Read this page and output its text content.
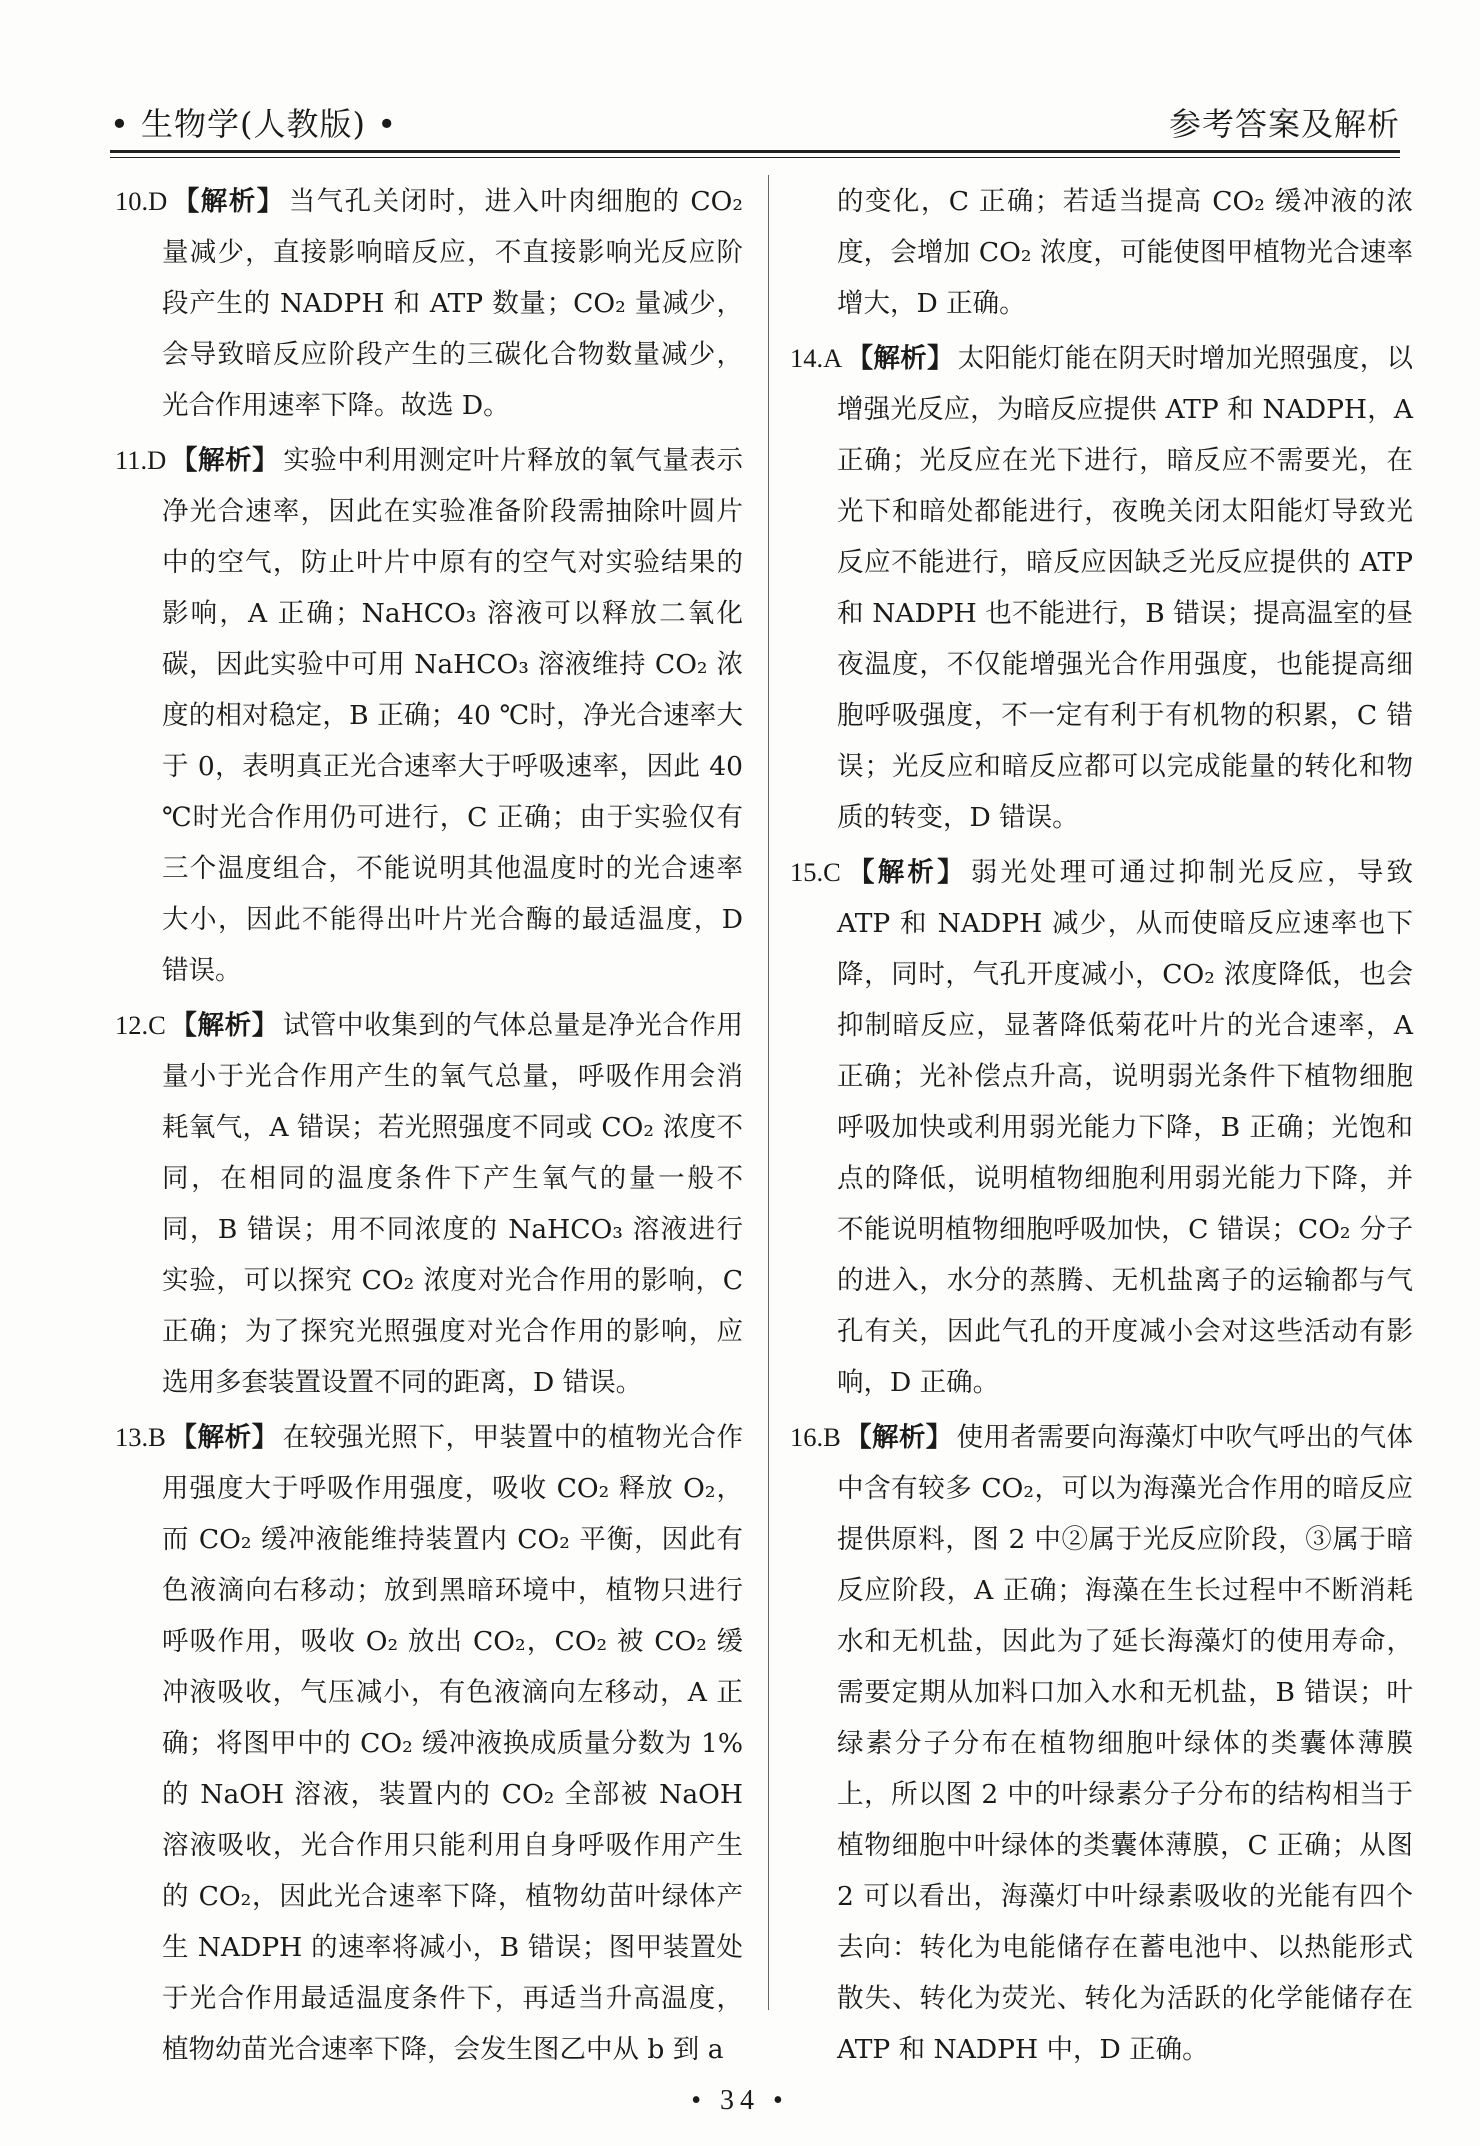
• 生物学(人教版) •	参考答案及解析

10.D 【解析】 当气孔关闭时，进入叶肉细胞的 CO₂ 量减少，直接影响暗反应，不直接影响光反应阶段产生的 NADPH 和 ATP 数量；CO₂ 量减少，会导致暗反应阶段产生的三碳化合物数量减少，光合作用速率下降。故选 D。

11.D 【解析】 实验中利用测定叶片释放的氧气量表示净光合速率，因此在实验准备阶段需抽除叶圆片中的空气，防止叶片中原有的空气对实验结果的影响，A 正确；NaHCO₃ 溶液可以释放二氧化碳，因此实验中可用 NaHCO₃ 溶液维持 CO₂ 浓度的相对稳定，B 正确；40 ℃时，净光合速率大于 0，表明真正光合速率大于呼吸速率，因此 40 ℃时光合作用仍可进行，C 正确；由于实验仅有三个温度组合，不能说明其他温度时的光合速率大小，因此不能得出叶片光合酶的最适温度，D 错误。

12.C 【解析】 试管中收集到的气体总量是净光合作用量小于光合作用产生的氧气总量，呼吸作用会消耗氧气，A 错误；若光照强度不同或 CO₂ 浓度不同，在相同的温度条件下产生氧气的量一般不同，B 错误；用不同浓度的 NaHCO₃ 溶液进行实验，可以探究 CO₂ 浓度对光合作用的影响，C 正确；为了探究光照强度对光合作用的影响，应选用多套装置设置不同的距离，D 错误。

13.B 【解析】 在较强光照下，甲装置中的植物光合作用强度大于呼吸作用强度，吸收 CO₂ 释放 O₂，而 CO₂ 缓冲液能维持装置内 CO₂ 平衡，因此有色液滴向右移动；放到黑暗环境中，植物只进行呼吸作用，吸收 O₂ 放出 CO₂，CO₂ 被 CO₂ 缓冲液吸收，气压减小，有色液滴向左移动，A 正确；将图甲中的 CO₂ 缓冲液换成质量分数为 1% 的 NaOH 溶液，装置内的 CO₂ 全部被 NaOH 溶液吸收，光合作用只能利用自身呼吸作用产生的 CO₂，因此光合速率下降，植物幼苗叶绿体产生 NADPH 的速率将减小，B 错误；图甲装置处于光合作用最适温度条件下，再适当升高温度，植物幼苗光合速率下降，会发生图乙中从 b 到 a

的变化，C 正确；若适当提高 CO₂ 缓冲液的浓度，会增加 CO₂ 浓度，可能使图甲植物光合速率增大，D 正确。

14.A 【解析】 太阳能灯能在阴天时增加光照强度，以增强光反应，为暗反应提供 ATP 和 NADPH，A 正确；光反应在光下进行，暗反应不需要光，在光下和暗处都能进行，夜晚关闭太阳能灯导致光反应不能进行，暗反应因缺乏光反应提供的 ATP 和 NADPH 也不能进行，B 错误；提高温室的昼夜温度，不仅能增强光合作用强度，也能提高细胞呼吸强度，不一定有利于有机物的积累，C 错误；光反应和暗反应都可以完成能量的转化和物质的转变，D 错误。

15.C 【解析】 弱光处理可通过抑制光反应，导致 ATP 和 NADPH 减少，从而使暗反应速率也下降，同时，气孔开度减小，CO₂ 浓度降低，也会抑制暗反应，显著降低菊花叶片的光合速率，A 正确；光补偿点升高，说明弱光条件下植物细胞呼吸加快或利用弱光能力下降，B 正确；光饱和点的降低，说明植物细胞利用弱光能力下降，并不能说明植物细胞呼吸加快，C 错误；CO₂ 分子的进入，水分的蒸腾、无机盐离子的运输都与气孔有关，因此气孔的开度减小会对这些活动有影响，D 正确。

16.B 【解析】 使用者需要向海藻灯中吹气呼出的气体中含有较多 CO₂，可以为海藻光合作用的暗反应提供原料，图 2 中②属于光反应阶段，③属于暗反应阶段，A 正确；海藻在生长过程中不断消耗水和无机盐，因此为了延长海藻灯的使用寿命，需要定期从加料口加入水和无机盐，B 错误；叶绿素分子分布在植物细胞叶绿体的类囊体薄膜上，所以图 2 中的叶绿素分子分布的结构相当于植物细胞中叶绿体的类囊体薄膜，C 正确；从图 2 可以看出，海藻灯中叶绿素吸收的光能有四个去向：转化为电能储存在蓄电池中、以热能形式散失、转化为荧光、转化为活跃的化学能储存在 ATP 和 NADPH 中，D 正确。

• 34 •
